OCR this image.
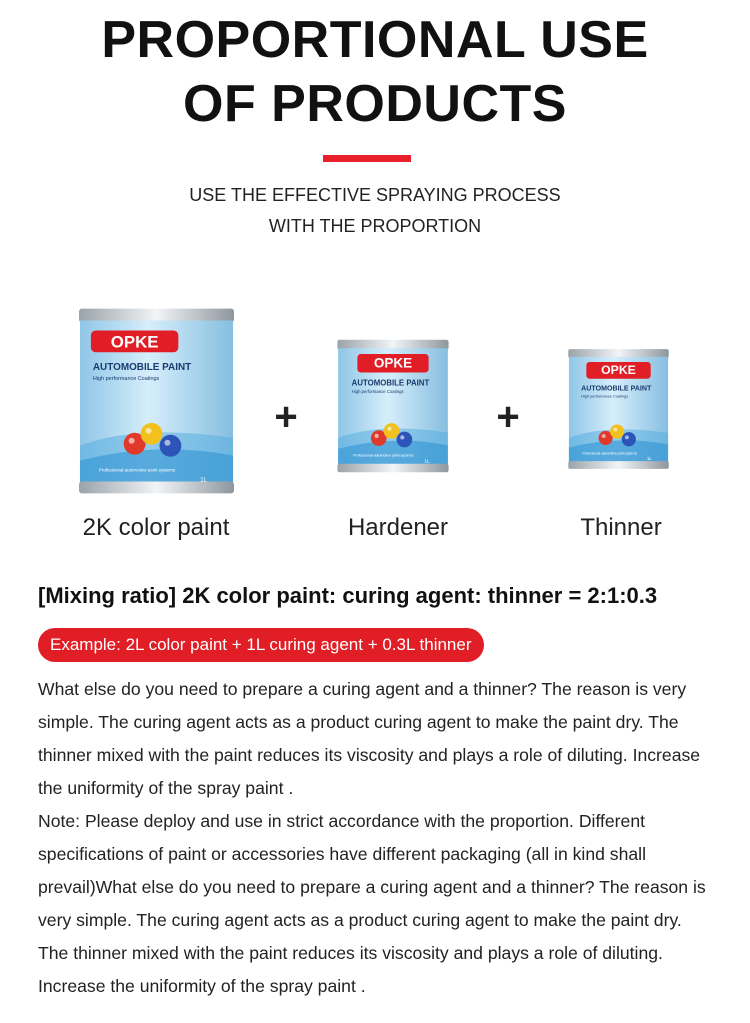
PROPORTIONAL USE
OF PRODUCTS
USE THE EFFECTIVE SPRAYING PROCESS
WITH THE PROPORTION
OPKE
AUTOMOBILE PAINT
High performance Coatings
Professional automotive paint systems
1L
+
OPKE
AUTOMOBILE PAINT
High performance Coatings
Professional automotive paint systems
1L
+
OPKE
AUTOMOBILE PAINT
High performance Coatings
Professional automotive paint systems
1L
2K color paint	Hardener	Thinner
[Mixing ratio] 2K color paint: curing agent: thinner = 2:1:0.3
Example: 2L color paint + 1L curing agent + 0.3L thinner

What else do you need to prepare a curing agent and a thinner? The reason is very simple. The curing agent acts as a product curing agent to make the paint dry. The thinner mixed with the paint reduces its viscosity and plays a role of diluting. Increase the uniformity of the spray paint .

Note: Please deploy and use in strict accordance with the proportion. Different specifications of paint or accessories have different packaging (all in kind shall prevail)What else do you need to prepare a curing agent and a thinner? The reason is very simple. The curing agent acts as a product curing agent to make the paint dry. The thinner mixed with the paint reduces its viscosity and plays a role of diluting. Increase the uniformity of the spray paint .
